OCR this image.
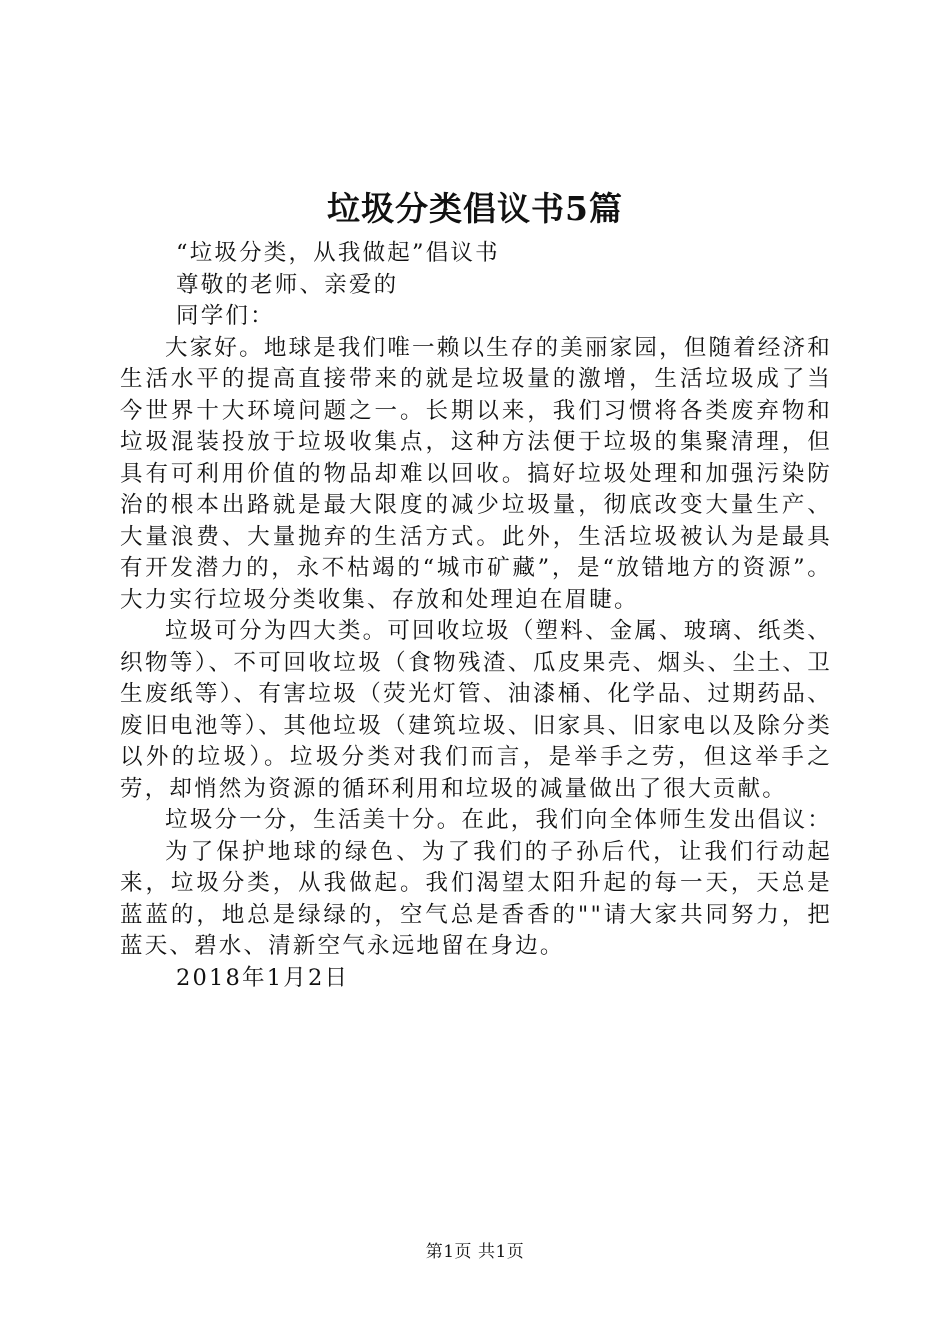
垃圾分类倡议书5篇

“垃圾分类，从我做起”倡议书

尊敬的老师、亲爱的

同学们：

大家好。地球是我们唯一赖以生存的美丽家园，但随着经济和生活水平的提高直接带来的就是垃圾量的激增，生活垃圾成了当今世界十大环境问题之一。长期以来，我们习惯将各类废弃物和垃圾混装投放于垃圾收集点，这种方法便于垃圾的集聚清理，但具有可利用价值的物品却难以回收。搞好垃圾处理和加强污染防治的根本出路就是最大限度的减少垃圾量，彻底改变大量生产、大量浪费、大量抛弃的生活方式。此外，生活垃圾被认为是最具有开发潜力的，永不枯竭的“城市矿藏”，是“放错地方的资源”。大力实行垃圾分类收集、存放和处理迫在眉睫。

垃圾可分为四大类。可回收垃圾（塑料、金属、玻璃、纸类、织物等）、不可回收垃圾（食物残渣、瓜皮果壳、烟头、尘土、卫生废纸等）、有害垃圾（荧光灯管、油漆桶、化学品、过期药品、废旧电池等）、其他垃圾（建筑垃圾、旧家具、旧家电以及除分类以外的垃圾）。垃圾分类对我们而言，是举手之劳，但这举手之劳，却悄然为资源的循环利用和垃圾的减量做出了很大贡献。

垃圾分一分，生活美十分。在此，我们向全体师生发出倡议：

为了保护地球的绿色、为了我们的子孙后代，让我们行动起来，垃圾分类，从我做起。我们渴望太阳升起的每一天，天总是蓝蓝的，地总是绿绿的，空气总是香香的""请大家共同努力，把蓝天、碧水、清新空气永远地留在身边。

2018年1月2日

第1页 共1页
